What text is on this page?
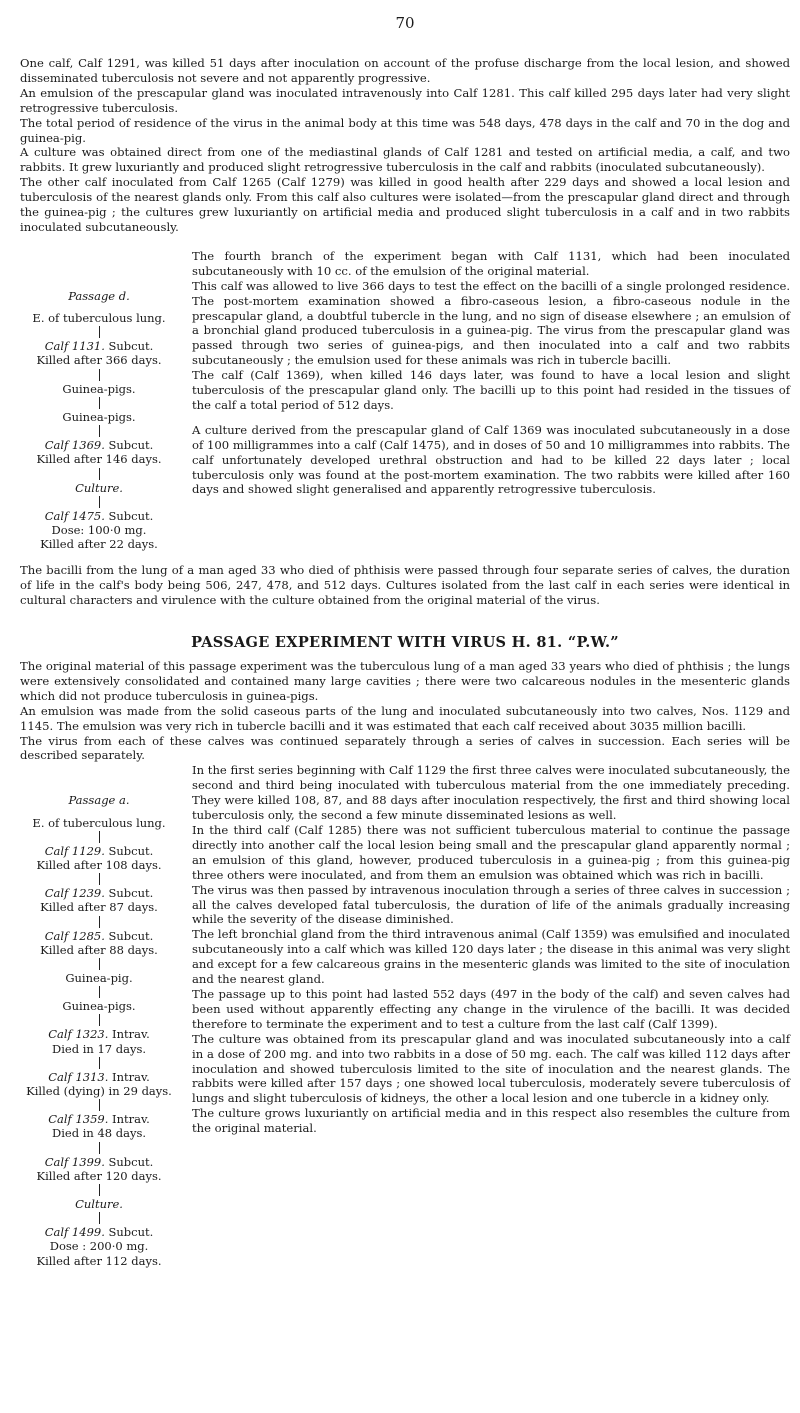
70

One calf, Calf 1291, was killed 51 days after inoculation on account of the profuse discharge from the local lesion, and showed disseminated tuberculosis not severe and not apparently progressive.

An emulsion of the prescapular gland was inoculated intravenously into Calf 1281. This calf killed 295 days later had very slight retrogressive tuberculosis.

The total period of residence of the virus in the animal body at this time was 548 days, 478 days in the calf and 70 in the dog and guinea-pig.

A culture was obtained direct from one of the mediastinal glands of Calf 1281 and tested on artificial media, a calf, and two rabbits. It grew luxuriantly and produced slight retrogressive tuberculosis in the calf and rabbits (inoculated subcutaneously).

The other calf inoculated from Calf 1265 (Calf 1279) was killed in good health after 229 days and showed a local lesion and tuberculosis of the nearest glands only. From this calf also cultures were isolated—from the prescapular gland direct and through the guinea-pig ; the cultures grew luxuriantly on artificial media and produced slight tuberculosis in a calf and in two rabbits inoculated subcutaneously.

Passage d.
E. of tuberculous lung.
Calf 1131. Subcut.
Killed after 366 days.
Guinea-pigs.
Guinea-pigs.
Calf 1369. Subcut.
Killed after 146 days.
Culture.
Calf 1475. Subcut.
Dose: 100·0 mg.
Killed after 22 days.

The fourth branch of the experiment began with Calf 1131, which had been inoculated subcutaneously with 10 cc. of the emulsion of the original material.

This calf was allowed to live 366 days to test the effect on the bacilli of a single prolonged residence. The post-mortem examination showed a fibro-caseous lesion, a fibro-caseous nodule in the prescapular gland, a doubtful tubercle in the lung, and no sign of disease elsewhere ; an emulsion of a bronchial gland produced tuberculosis in a guinea-pig. The virus from the prescapular gland was passed through two series of guinea-pigs, and then inoculated into a calf and two rabbits subcutaneously ; the emulsion used for these animals was rich in tubercle bacilli.

The calf (Calf 1369), when killed 146 days later, was found to have a local lesion and slight tuberculosis of the prescapular gland only. The bacilli up to this point had resided in the tissues of the calf a total period of 512 days.

A culture derived from the prescapular gland of Calf 1369 was inoculated subcutaneously in a dose of 100 milligrammes into a calf (Calf 1475), and in doses of 50 and 10 milligrammes into rabbits. The calf unfortunately developed urethral obstruction and had to be killed 22 days later ; local tuberculosis only was found at the post-mortem examination. The two rabbits were killed after 160 days and showed slight generalised and apparently retrogressive tuberculosis.

The bacilli from the lung of a man aged 33 who died of phthisis were passed through four separate series of calves, the duration of life in the calf's body being 506, 247, 478, and 512 days. Cultures isolated from the last calf in each series were identical in cultural characters and virulence with the culture obtained from the original material of the virus.

PASSAGE EXPERIMENT WITH VIRUS H. 81. “P.W.”

The original material of this passage experiment was the tuberculous lung of a man aged 33 years who died of phthisis ; the lungs were extensively consolidated and contained many large cavities ; there were two calcareous nodules in the mesenteric glands which did not produce tuberculosis in guinea-pigs.

An emulsion was made from the solid caseous parts of the lung and inoculated subcutaneously into two calves, Nos. 1129 and 1145. The emulsion was very rich in tubercle bacilli and it was estimated that each calf received about 3035 million bacilli.

The virus from each of these calves was continued separately through a series of calves in succession. Each series will be described separately.

Passage a.
E. of tuberculous lung.
Calf 1129. Subcut.
Killed after 108 days.
Calf 1239. Subcut.
Killed after 87 days.
Calf 1285. Subcut.
Killed after 88 days.
Guinea-pig.
Guinea-pigs.
Calf 1323. Intrav.
Died in 17 days.
Calf 1313. Intrav.
Killed (dying) in 29 days.
Calf 1359. Intrav.
Died in 48 days.
Calf 1399. Subcut.
Killed after 120 days.
Culture.
Calf 1499. Subcut.
Dose : 200·0 mg.
Killed after 112 days.

In the first series beginning with Calf 1129 the first three calves were inoculated subcutaneously, the second and third being inoculated with tuberculous material from the one immediately preceding. They were killed 108, 87, and 88 days after inoculation respectively, the first and third showing local tuberculosis only, the second a few minute disseminated lesions as well.

In the third calf (Calf 1285) there was not sufficient tuberculous material to continue the passage directly into another calf the local lesion being small and the prescapular gland apparently normal ; an emulsion of this gland, however, produced tuberculosis in a guinea-pig ; from this guinea-pig three others were inoculated, and from them an emulsion was obtained which was rich in bacilli.

The virus was then passed by intravenous inoculation through a series of three calves in succession ; all the calves developed fatal tuberculosis, the duration of life of the animals gradually increasing while the severity of the disease diminished.

The left bronchial gland from the third intravenous animal (Calf 1359) was emulsified and inoculated subcutaneously into a calf which was killed 120 days later ; the disease in this animal was very slight and except for a few calcareous grains in the mesenteric glands was limited to the site of inoculation and the nearest gland.

The passage up to this point had lasted 552 days (497 in the body of the calf) and seven calves had been used without apparently effecting any change in the virulence of the bacilli. It was decided therefore to terminate the experiment and to test a culture from the last calf (Calf 1399).

The culture was obtained from its prescapular gland and was inoculated subcutaneously into a calf in a dose of 200 mg. and into two rabbits in a dose of 50 mg. each. The calf was killed 112 days after inoculation and showed tuberculosis limited to the site of inoculation and the nearest glands. The rabbits were killed after 157 days ; one showed local tuberculosis, moderately severe tuberculosis of lungs and slight tuberculosis of kidneys, the other a local lesion and one tubercle in a kidney only.

The culture grows luxuriantly on artificial media and in this respect also resembles the culture from the original material.
